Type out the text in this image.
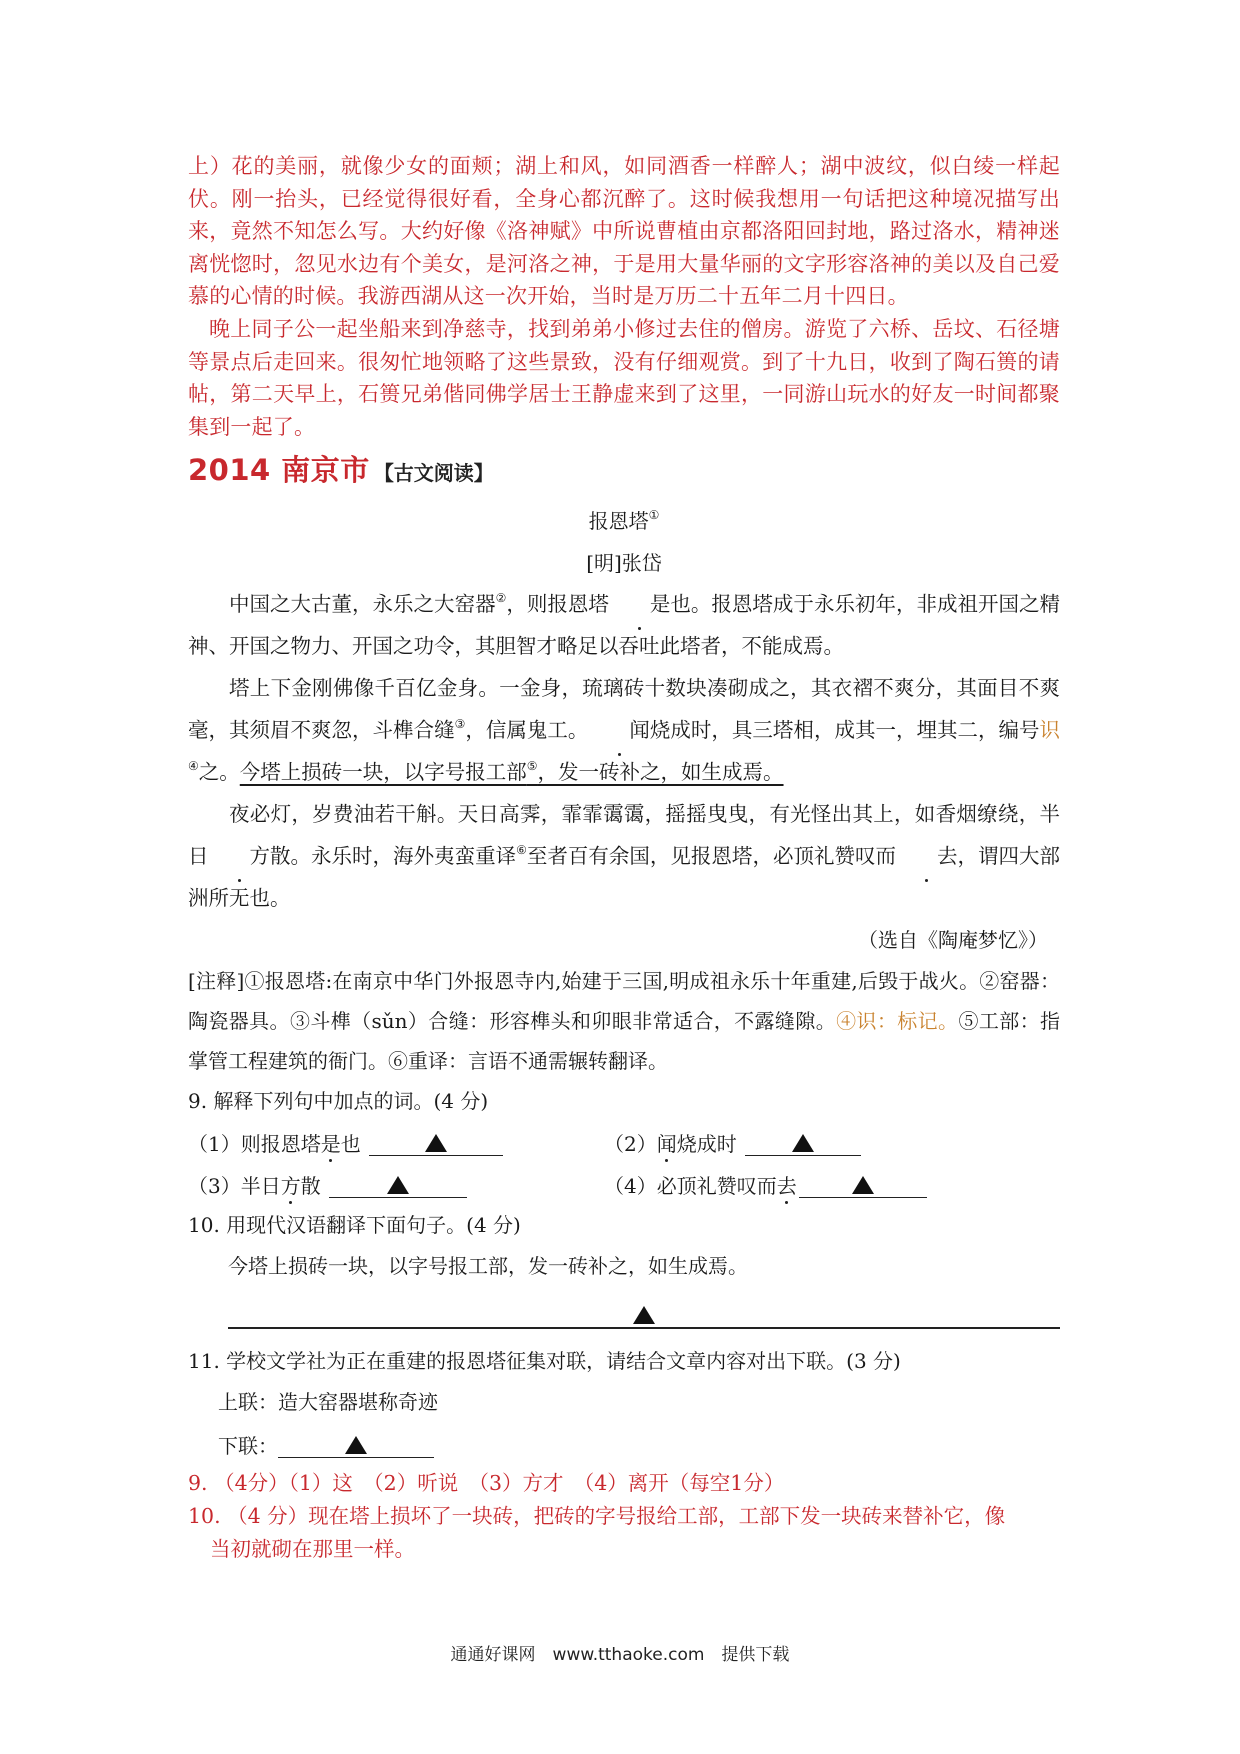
上）花的美丽，就像少女的面颊；湖上和风，如同酒香一样醉人；湖中波纹，似白绫一样起伏。刚一抬头，已经觉得很好看，全身心都沉醉了。这时候我想用一句话把这种境况描写出来，竟然不知怎么写。大约好像《洛神赋》中所说曹植由京都洛阳回封地，路过洛水，精神迷离恍惚时，忽见水边有个美女，是河洛之神，于是用大量华丽的文字形容洛神的美以及自己爱慕的心情的时候。我游西湖从这一次开始，当时是万历二十五年二月十四日。

晚上同子公一起坐船来到净慈寺，找到弟弟小修过去住的僧房。游览了六桥、岳坟、石径塘等景点后走回来。很匆忙地领略了这些景致，没有仔细观赏。到了十九日，收到了陶石篑的请帖，第二天早上，石篑兄弟偕同佛学居士王静虚来到了这里，一同游山玩水的好友一时间都聚集到一起了。

2014 南京市 【古文阅读】
报恩塔①
[明]张岱

中国之大古董，永乐之大窑器②，则报恩塔 是也。报恩塔成于永乐初年，非成祖开国之精神、开国之物力、开国之功令，其胆智才略足以吞吐此塔者，不能成焉。

塔上下金刚佛像千百亿金身。一金身，琉璃砖十数块凑砌成之，其衣褶不爽分，其面目不爽毫，其须眉不爽忽，斗榫合缝③，信属鬼工。 闻烧成时，具三塔相，成其一，埋其二，编号识④之。今塔上损砖一块，以字号报工部⑤，发一砖补之，如生成焉。

夜必灯，岁费油若干斛。天日高霁，霏霏霭霭，摇摇曳曳，有光怪出其上，如香烟缭绕，半日 方散。永乐时，海外夷蛮重译⑥至者百有余国，见报恩塔，必顶礼赞叹而 去，谓四大部洲所无也。

（选自《陶庵梦忆》）

[注释]①报恩塔:在南京中华门外报恩寺内,始建于三国,明成祖永乐十年重建,后毁于战火。②窑器：陶瓷器具。③斗榫（sǔn）合缝：形容榫头和卯眼非常适合，不露缝隙。④识：标记。⑤工部：指掌管工程建筑的衙门。⑥重译：言语不通需辗转翻译。

9. 解释下列句中加点的词。(4 分)

（1）则报恩塔 是 也	（2） 闻 烧成时
（3）半日 方 散	（4）必顶礼赞叹而 去

10. 用现代汉语翻译下面句子。(4 分)

今塔上损砖一块，以字号报工部，发一砖补之，如生成焉。

11. 学校文学社为正在重建的报恩塔征集对联，请结合文章内容对出下联。(3 分)

上联：造大窑器堪称奇迹

下联：

9. （4分）（1）这　（2）听说　（3）方才　（4）离开（每空1分）

10. （4 分）现在塔上损坏了一块砖，把砖的字号报给工部，工部下发一块砖来替补它，像

当初就砌在那里一样。

通通好课网　www.tthaoke.com　提供下载
